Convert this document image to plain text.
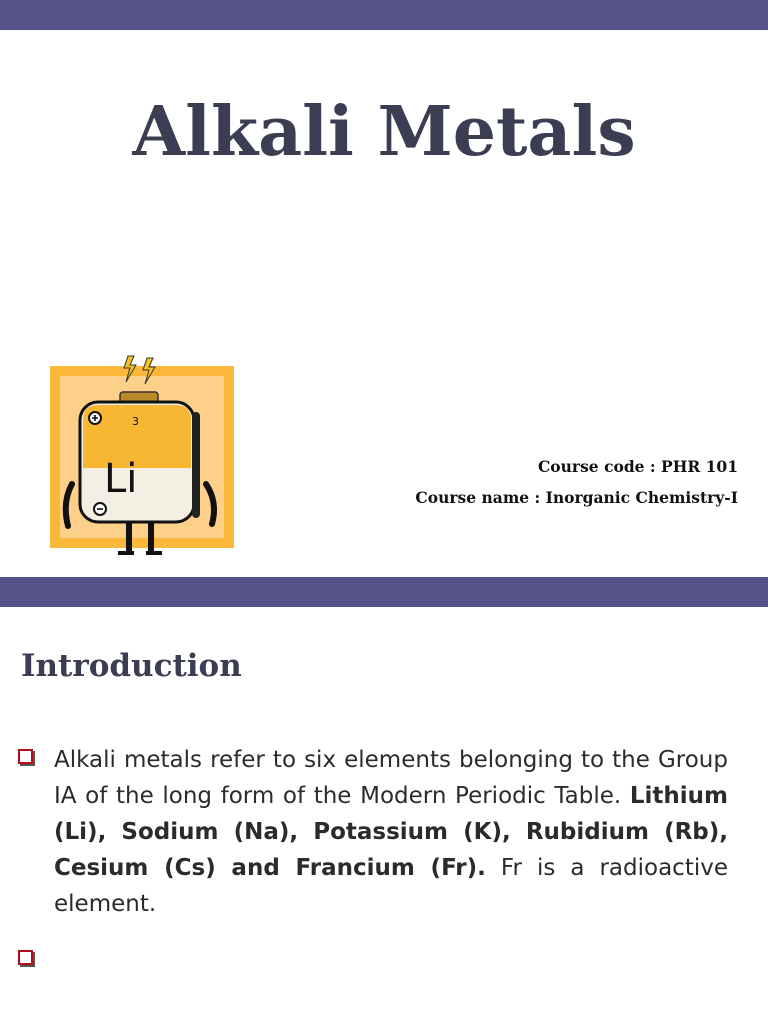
Alkali Metals
3
Li	Course code : PHR 101
Course name : Inorganic Chemistry-I
Introduction
Alkali metals refer to six elements belonging to the Group IA of the long form of the Modern Periodic Table. Lithium (Li), Sodium (Na), Potassium (K), Rubidium (Rb), Cesium (Cs) and Francium (Fr). Fr is a radioactive element.
